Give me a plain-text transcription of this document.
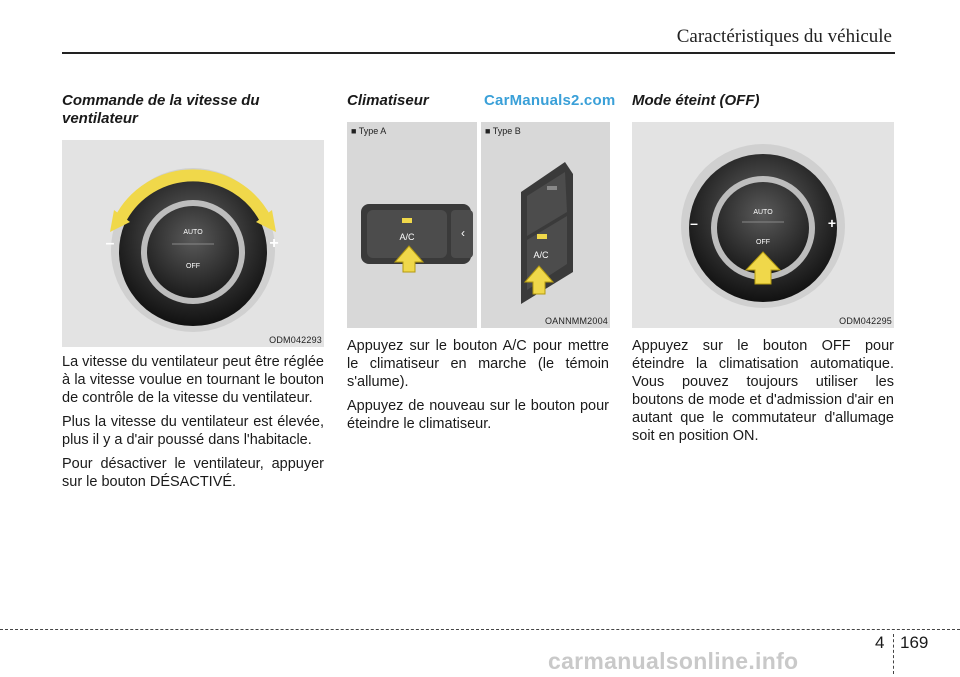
Caractéristiques du véhicule
CarManuals2.com
Commande de la vitesse du ventilateur
AUTO
OFF
–	+
ODM042293

La vitesse du ventilateur peut être réglée à la vitesse voulue en tournant le bouton de contrôle de la vitesse du ventilateur.

Plus la vitesse du ventilateur est élevée, plus il y a d'air poussé dans l'habitacle.

Pour désactiver le ventilateur, appuyer sur le bouton DÉSACTIVÉ.

Climatiseur
‹
A/C
A/C
OANNMM2004
■ Type A	■ Type B

Appuyez sur le bouton A/C pour mettre le climatiseur en marche (le témoin s'allume).

Appuyez de nouveau sur le bouton pour éteindre le climatiseur.

Mode éteint (OFF)
AUTO
OFF
–	+
ODM042295

Appuyez sur le bouton OFF pour éteindre la climatisation automatique. Vous pouvez toujours utiliser les boutons de mode et d'admission d'air en autant que le commutateur d'allumage soit en position ON.

4 169
carmanualsonline.info
